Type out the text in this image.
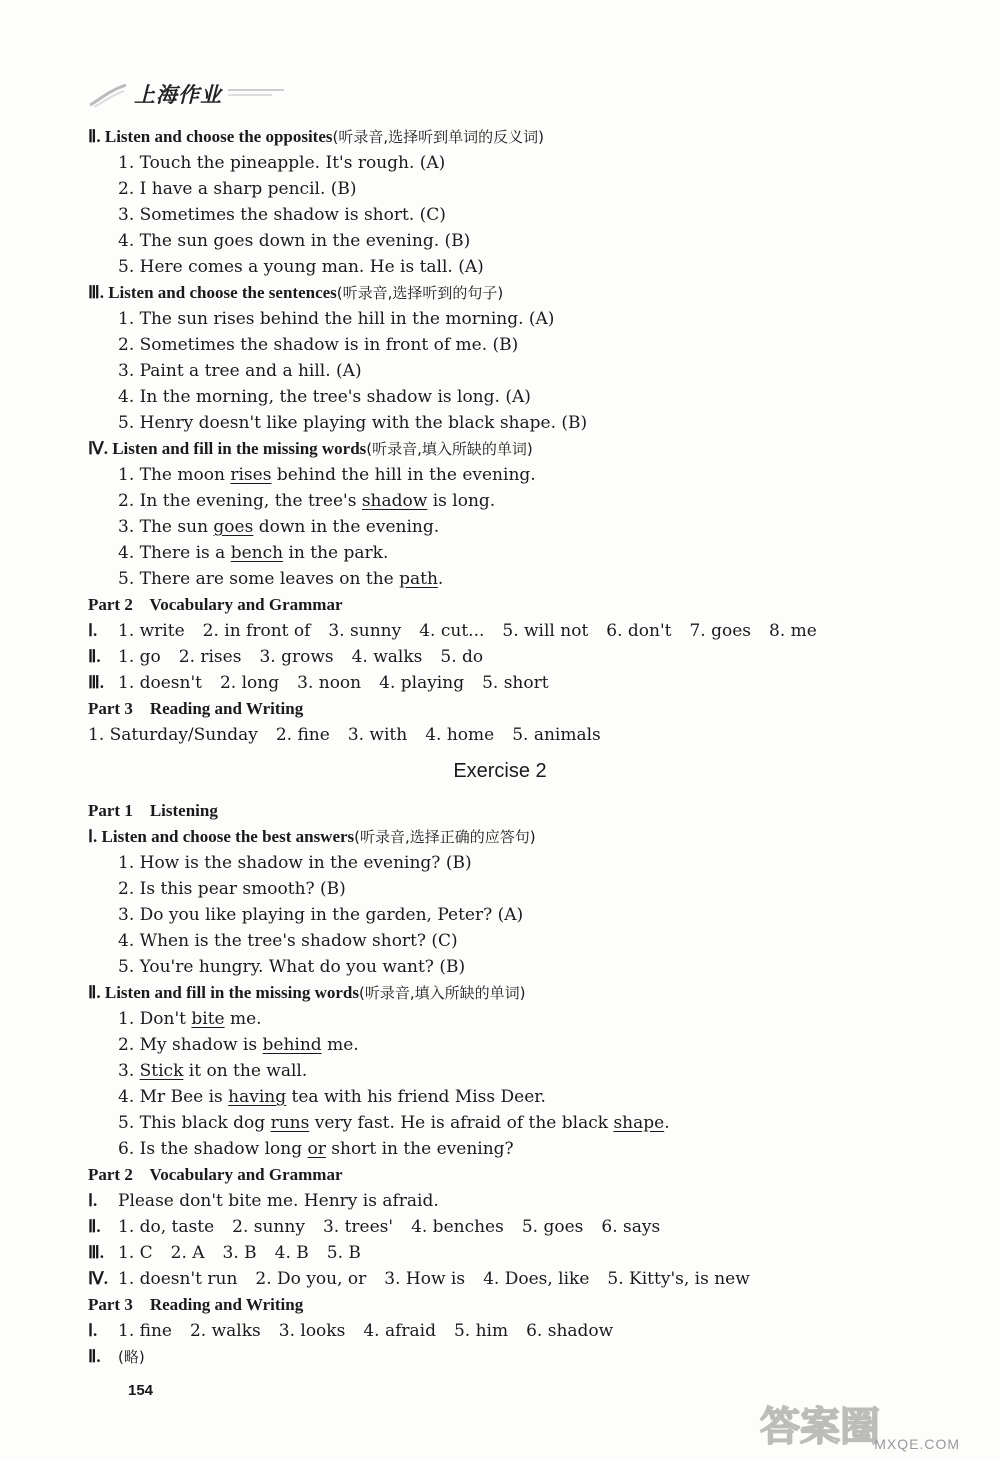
上海作业
Ⅱ. Listen and choose the opposites(听录音,选择听到单词的反义词)
1. Touch the pineapple. It's rough. (A)
2. I have a sharp pencil. (B)
3. Sometimes the shadow is short. (C)
4. The sun goes down in the evening. (B)
5. Here comes a young man. He is tall. (A)
Ⅲ. Listen and choose the sentences(听录音,选择听到的句子)
1. The sun rises behind the hill in the morning. (A)
2. Sometimes the shadow is in front of me. (B)
3. Paint a tree and a hill. (A)
4. In the morning, the tree's shadow is long. (A)
5. Henry doesn't like playing with the black shape. (B)
Ⅳ. Listen and fill in the missing words(听录音,填入所缺的单词)
1. The moon rises behind the hill in the evening.
2. In the evening, the tree's shadow is long.
3. The sun goes down in the evening.
4. There is a bench in the park.
5. There are some leaves on the path.
Part 2    Vocabulary and Grammar
Ⅰ. 1. write 2. in front of 3. sunny 4. cut... 5. will not 6. don't 7. goes 8. me
Ⅱ. 1. go 2. rises 3. grows 4. walks 5. do
Ⅲ. 1. doesn't 2. long 3. noon 4. playing 5. short
Part 3    Reading and Writing
1. Saturday/Sunday 2. fine 3. with 4. home 5. animals
Exercise 2
Part 1    Listening
Ⅰ. Listen and choose the best answers(听录音,选择正确的应答句)
1. How is the shadow in the evening? (B)
2. Is this pear smooth? (B)
3. Do you like playing in the garden, Peter? (A)
4. When is the tree's shadow short? (C)
5. You're hungry. What do you want? (B)
Ⅱ. Listen and fill in the missing words(听录音,填入所缺的单词)
1. Don't bite me.
2. My shadow is behind me.
3. Stick it on the wall.
4. Mr Bee is having tea with his friend Miss Deer.
5. This black dog runs very fast. He is afraid of the black shape.
6. Is the shadow long or short in the evening?
Part 2    Vocabulary and Grammar
Ⅰ. Please don't bite me. Henry is afraid.
Ⅱ. 1. do, taste 2. sunny 3. trees' 4. benches 5. goes 6. says
Ⅲ. 1. C 2. A 3. B 4. B 5. B
Ⅳ. 1. doesn't run 2. Do you, or 3. How is 4. Does, like 5. Kitty's, is new
Part 3    Reading and Writing
Ⅰ. 1. fine 2. walks 3. looks 4. afraid 5. him 6. shadow
Ⅱ. (略)
154
答案圈
MXQE.COM
